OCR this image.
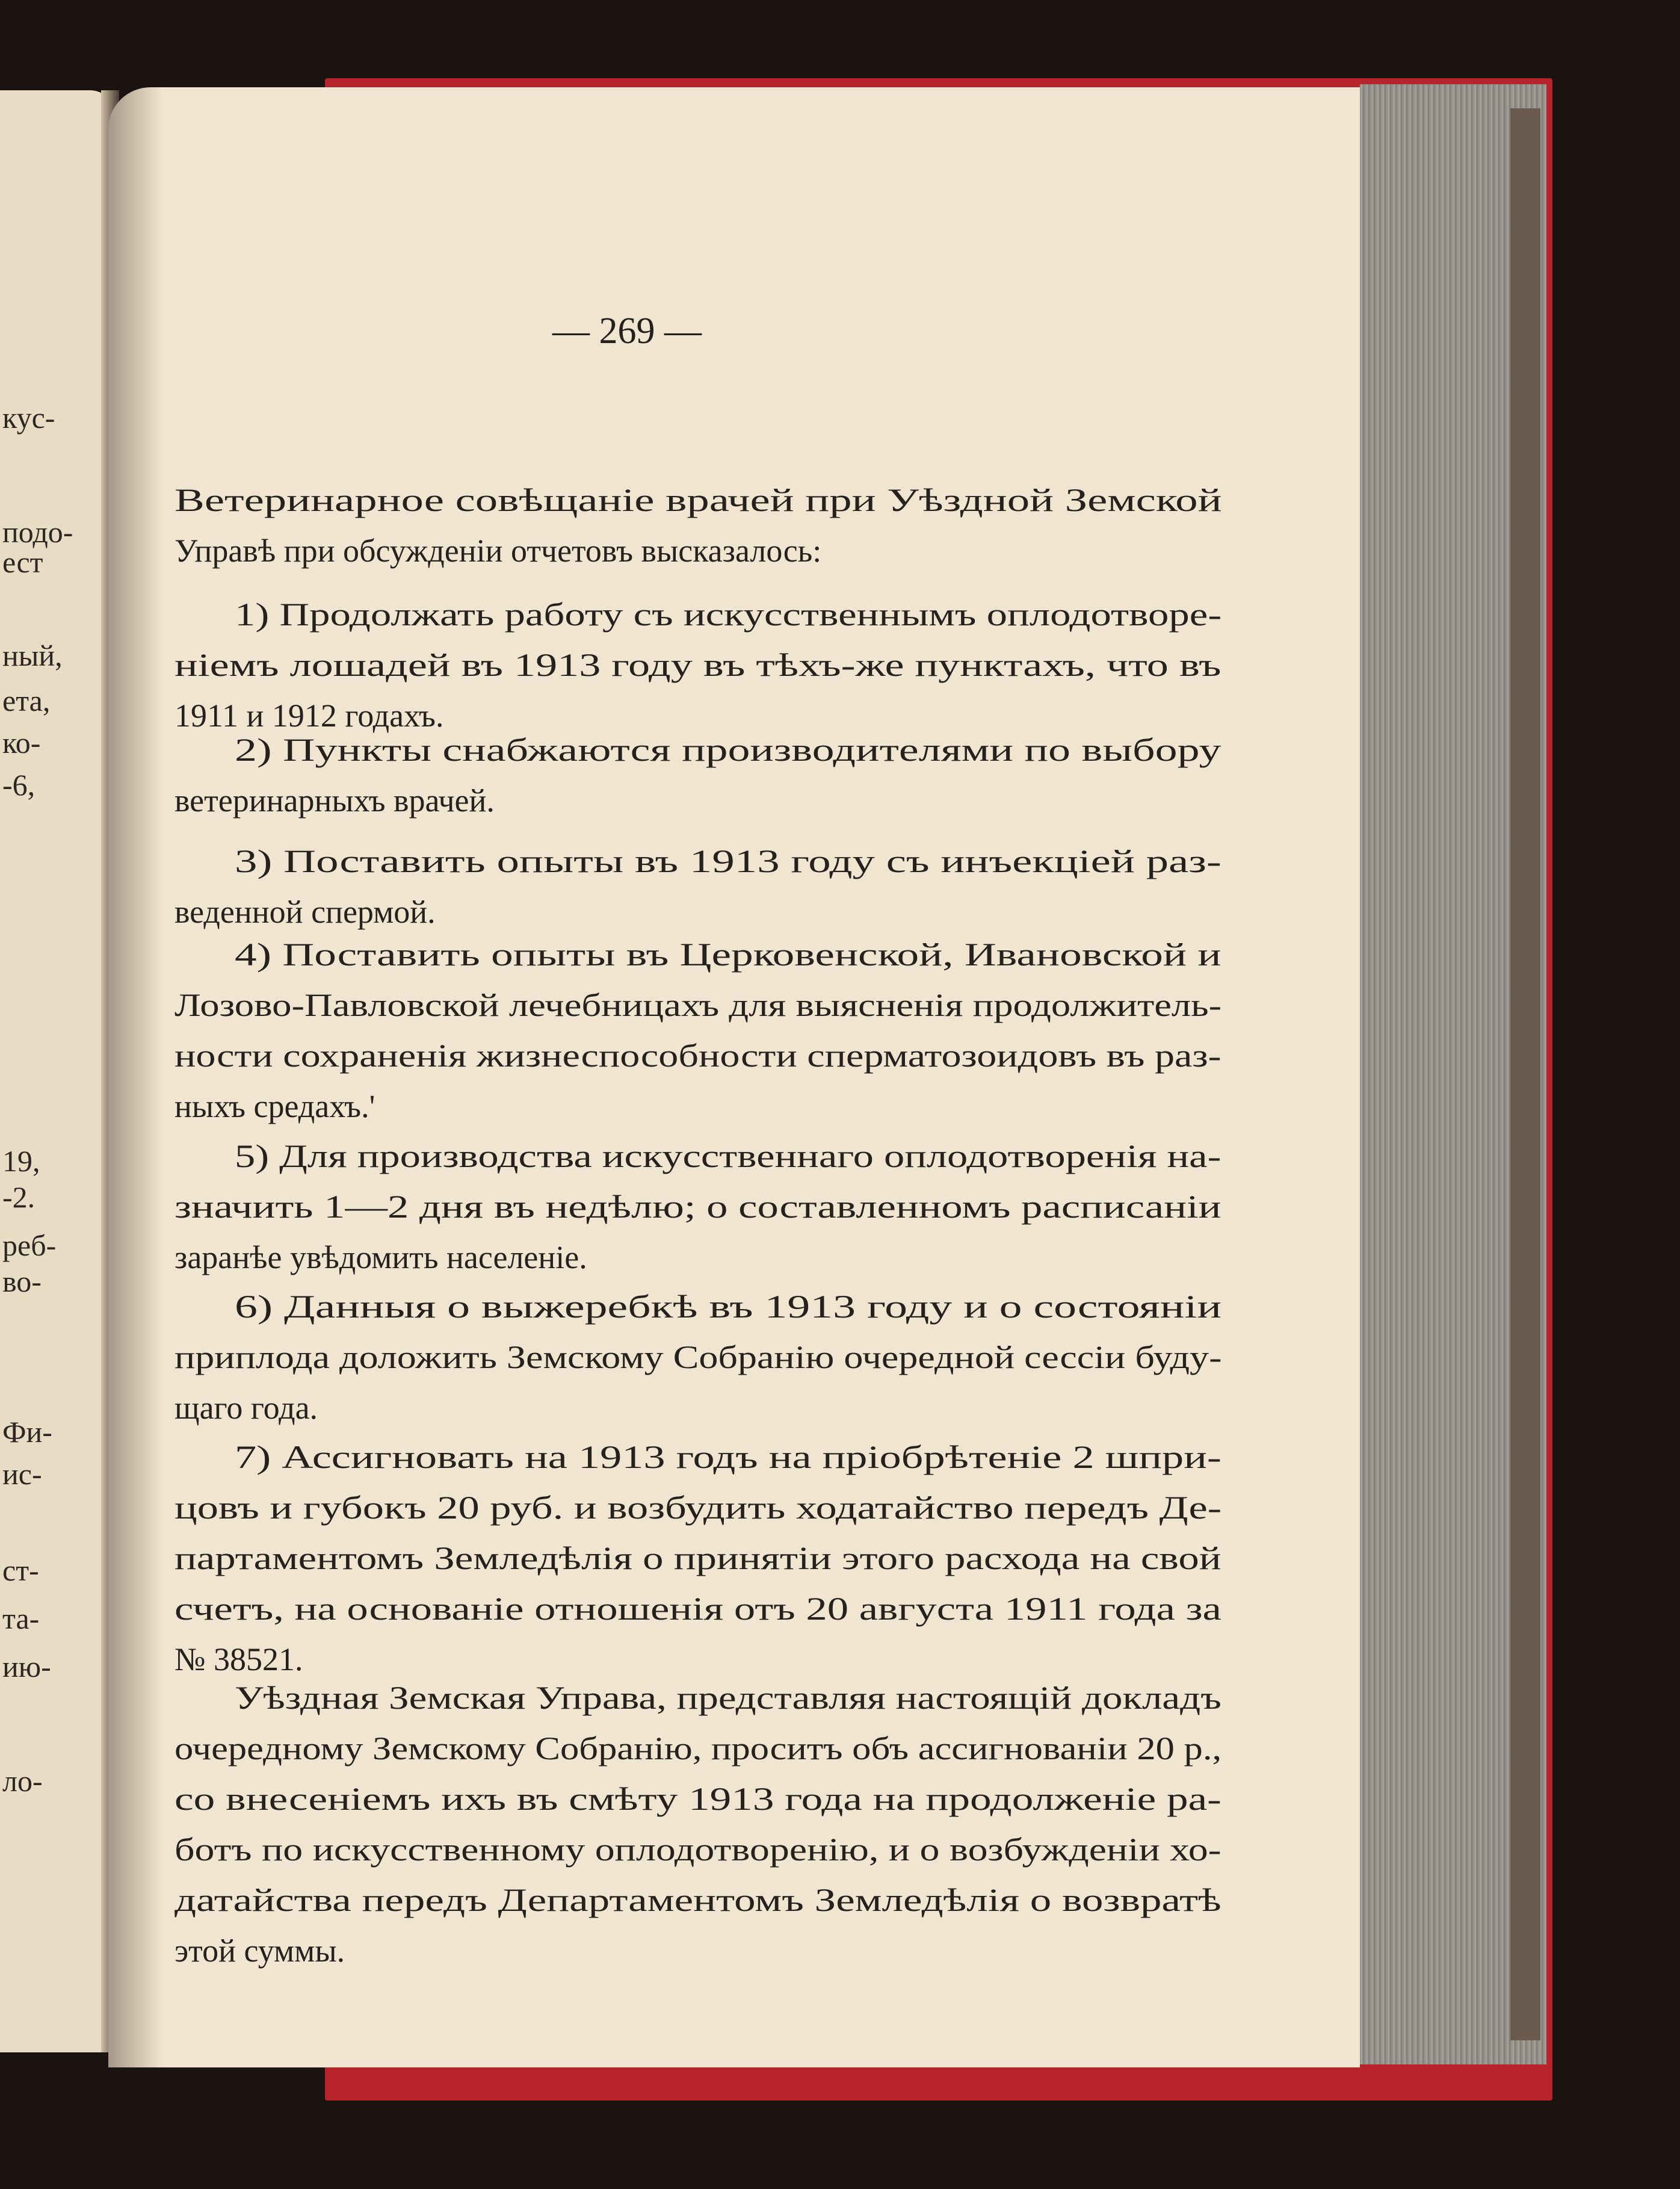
кус-
подо-
ест
ный,
ета,
ко-
-6,
19,
-2.
реб-
во-
Фи-
ис-
ст-
та-
ию-
ло-
— 269 —
Ветеринарное совѣщаніе врачей при Уѣздной Земской
Управѣ при обсужденіи отчетовъ высказалось:
1) Продолжать работу съ искусственнымъ оплодотворе-
ніемъ лошадей въ 1913 году въ тѣхъ-же пунктахъ, что въ
1911 и 1912 годахъ.
2) Пункты снабжаются производителями по выбору
ветеринарныхъ врачей.
3) Поставить опыты въ 1913 году съ инъекціей раз-
веденной спермой.
4) Поставить опыты въ Церковенской, Ивановской и
Лозово-Павловской лечебницахъ для выясненія продолжитель-
ности сохраненія жизнеспособности сперматозоидовъ въ раз-
ныхъ средахъ.'
5) Для производства искусственнаго оплодотворенія на-
значить 1—2 дня въ недѣлю; о составленномъ расписаніи
заранѣе увѣдомить населеніе.
6) Данныя о выжеребкѣ въ 1913 году и о состояніи
приплода доложить Земскому Собранію очередной сессіи буду-
щаго года.
7) Ассигновать на 1913 годъ на пріобрѣтеніе 2 шпри-
цовъ и губокъ 20 руб. и возбудить ходатайство передъ Де-
партаментомъ Земледѣлія о принятіи этого расхода на свой
счетъ, на основаніе отношенія отъ 20 августа 1911 года за
№ 38521.
Уѣздная Земская Управа, представляя настоящій докладъ
очередному Земскому Собранію, проситъ объ ассигнованіи 20 р.,
со внесеніемъ ихъ въ смѣту 1913 года на продолженіе ра-
ботъ по искусственному оплодотворенію, и о возбужденіи хо-
датайства передъ Департаментомъ Земледѣлія о возвратѣ
этой суммы.
